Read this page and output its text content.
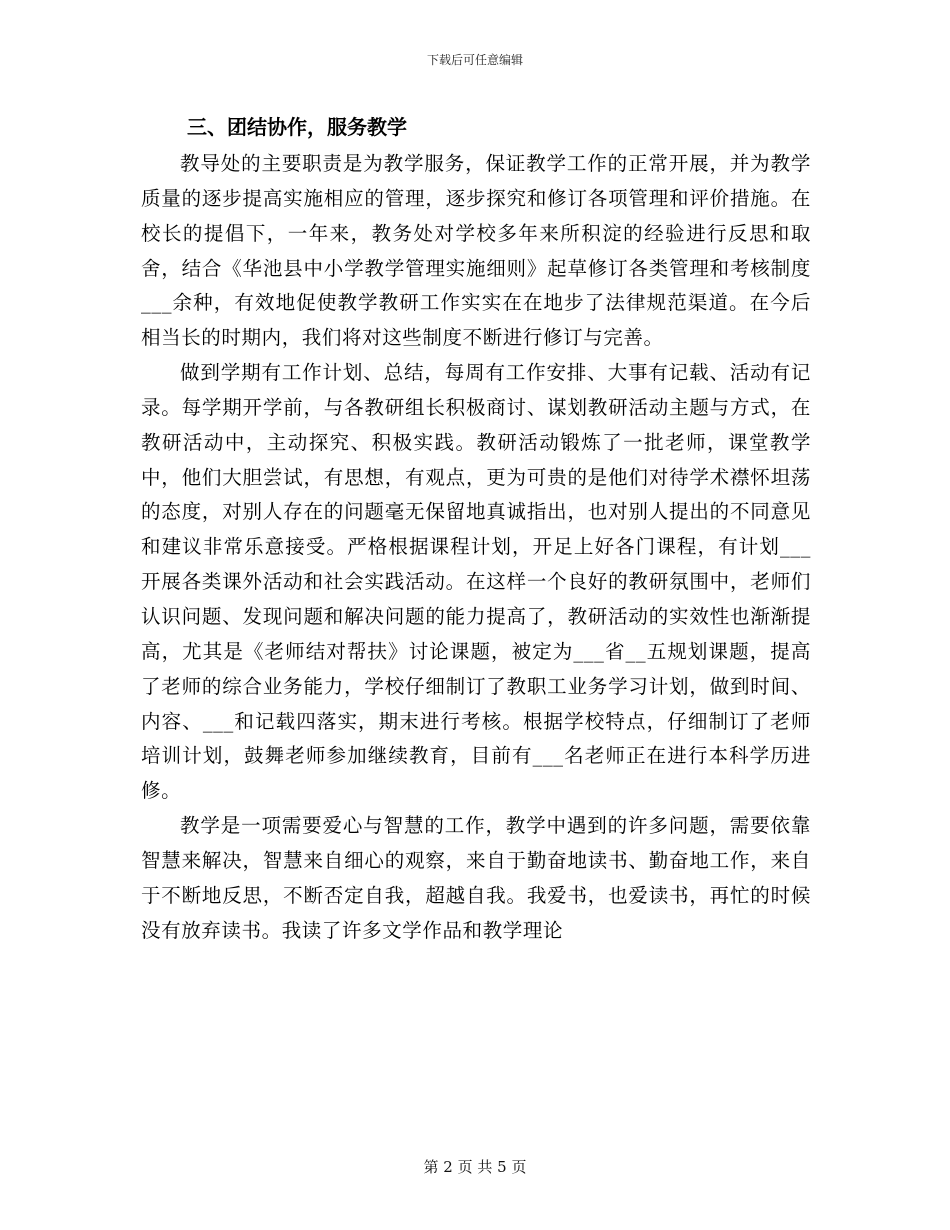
下载后可任意编辑
三、团结协作，服务教学

教导处的主要职责是为教学服务，保证教学工作的正常开展，并为教学质量的逐步提高实施相应的管理，逐步探究和修订各项管理和评价措施。在校长的提倡下，一年来，教务处对学校多年来所积淀的经验进行反思和取舍，结合《华池县中小学教学管理实施细则》起草修订各类管理和考核制度___余种，有效地促使教学教研工作实实在在地步了法律规范渠道。在今后相当长的时期内，我们将对这些制度不断进行修订与完善。

做到学期有工作计划、总结，每周有工作安排、大事有记载、活动有记录。每学期开学前，与各教研组长积极商讨、谋划教研活动主题与方式，在教研活动中，主动探究、积极实践。教研活动锻炼了一批老师，课堂教学中，他们大胆尝试，有思想，有观点，更为可贵的是他们对待学术襟怀坦荡的态度，对别人存在的问题毫无保留地真诚指出，也对别人提出的不同意见和建议非常乐意接受。严格根据课程计划，开足上好各门课程，有计划___开展各类课外活动和社会实践活动。在这样一个良好的教研氛围中，老师们认识问题、发现问题和解决问题的能力提高了，教研活动的实效性也渐渐提高，尤其是《老师结对帮扶》讨论课题，被定为___省__五规划课题，提高了老师的综合业务能力，学校仔细制订了教职工业务学习计划，做到时间、内容、___和记载四落实，期末进行考核。根据学校特点，仔细制订了老师培训计划，鼓舞老师参加继续教育，目前有___名老师正在进行本科学历进修。

教学是一项需要爱心与智慧的工作，教学中遇到的许多问题，需要依靠智慧来解决，智慧来自细心的观察，来自于勤奋地读书、勤奋地工作，来自于不断地反思，不断否定自我，超越自我。我爱书，也爱读书，再忙的时候没有放弃读书。我读了许多文学作品和教学理论

第 2 页 共 5 页
